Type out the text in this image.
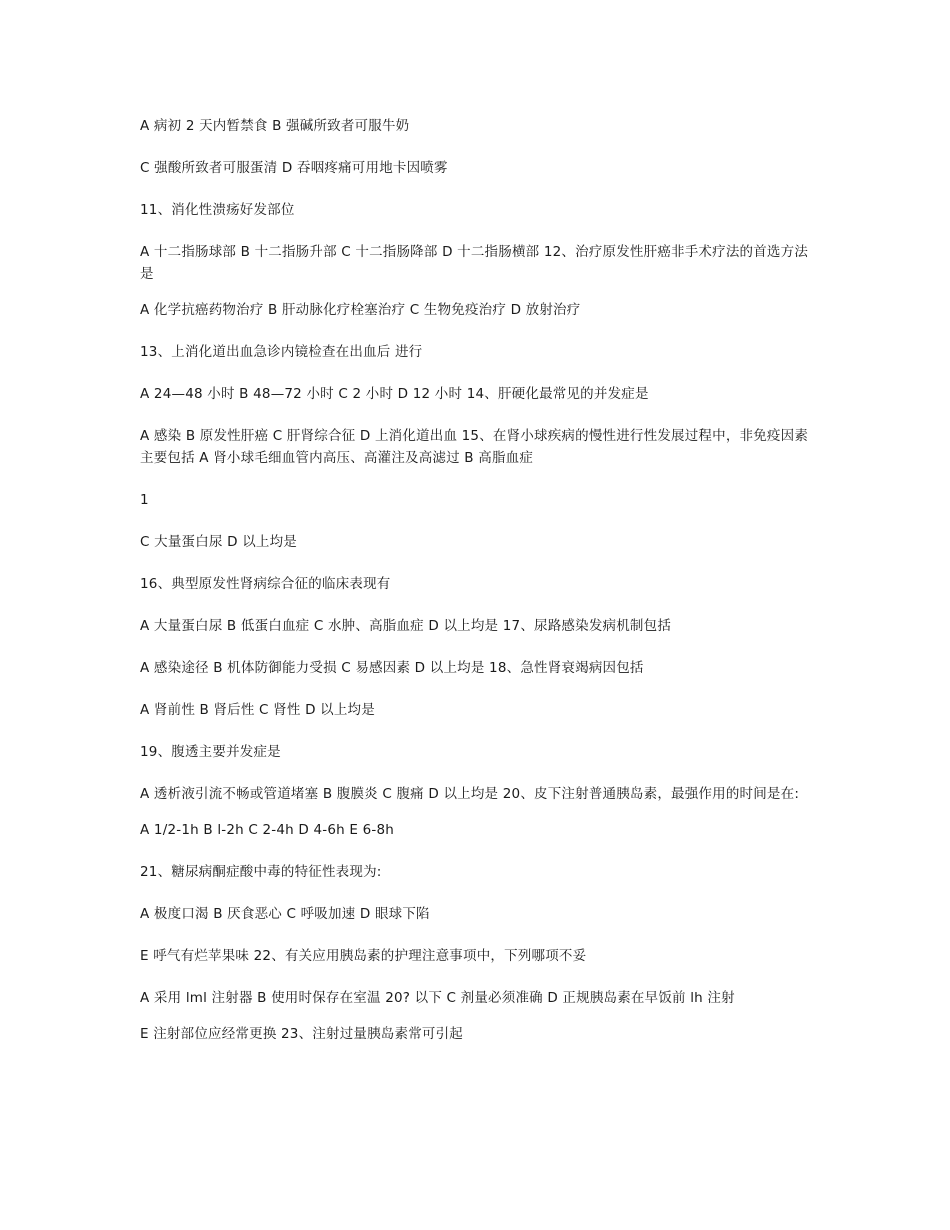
A 病初 2 天内暂禁食 B 强碱所致者可服牛奶

C 强酸所致者可服蛋清 D 吞咽疼痛可用地卡因喷雾

11、消化性溃疡好发部位

A 十二指肠球部 B 十二指肠升部 C 十二指肠降部 D 十二指肠横部 12、治疗原发性肝癌非手术疗法的首选方法是

A 化学抗癌药物治疗 B 肝动脉化疗栓塞治疗 C 生物免疫治疗 D 放射治疗

13、上消化道出血急诊内镜检查在出血后 进行

A 24—48 小时 B 48—72 小时 C 2 小时 D 12 小时 14、肝硬化最常见的并发症是

A 感染 B 原发性肝癌 C 肝肾综合征 D 上消化道出血 15、在肾小球疾病的慢性进行性发展过程中，非免疫因素主要包括 A 肾小球毛细血管内高压、高灌注及高滤过 B 高脂血症

1

C 大量蛋白尿 D 以上均是

16、典型原发性肾病综合征的临床表现有

A 大量蛋白尿 B 低蛋白血症 C 水肿、高脂血症 D 以上均是 17、尿路感染发病机制包括

A 感染途径 B 机体防御能力受损 C 易感因素 D 以上均是 18、急性肾衰竭病因包括

A 肾前性 B 肾后性 C 肾性 D 以上均是

19、腹透主要并发症是

A 透析液引流不畅或管道堵塞 B 腹膜炎 C 腹痛 D 以上均是 20、皮下注射普通胰岛素，最强作用的时间是在:

A 1/2-1h B l-2h C 2-4h D 4-6h E 6-8h

21、糖尿病酮症酸中毒的特征性表现为:

A 极度口渴 B 厌食恶心 C 呼吸加速 D 眼球下陷

E 呼气有烂苹果味 22、有关应用胰岛素的护理注意事项中，下列哪项不妥

A 采用 lml 注射器 B 使用时保存在室温 20? 以下 C 剂量必须准确 D 正规胰岛素在早饭前 lh 注射

E 注射部位应经常更换 23、注射过量胰岛素常可引起
